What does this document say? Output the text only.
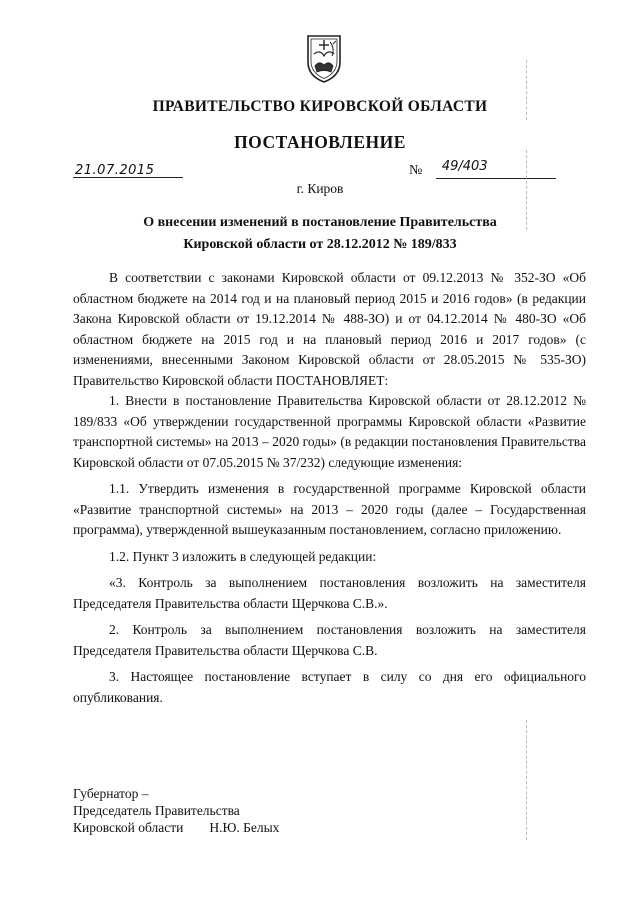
ПРАВИТЕЛЬСТВО КИРОВСКОЙ ОБЛАСТИ
ПОСТАНОВЛЕНИЕ
21.07.2015	№ 49/403
г. Киров
О внесении изменений в постановление Правительства
Кировской области от 28.12.2012 № 189/833

В соответствии с законами Кировской области от 09.12.2013 № 352-ЗО «Об областном бюджете на 2014 год и на плановый период 2015 и 2016 годов» (в редакции Закона Кировской области от 19.12.2014 № 488-ЗО) и от 04.12.2014 № 480-ЗО «Об областном бюджете на 2015 год и на плановый период 2016 и 2017 годов» (с изменениями, внесенными Законом Кировской области от 28.05.2015 № 535-ЗО) Правительство Кировской области ПОСТАНОВЛЯЕТ:

1. Внести в постановление Правительства Кировской области от 28.12.2012 № 189/833 «Об утверждении государственной программы Кировской области «Развитие транспортной системы» на 2013 – 2020 годы» (в редакции постановления Правительства Кировской области от 07.05.2015 № 37/232) следующие изменения:

1.1. Утвердить изменения в государственной программе Кировской области «Развитие транспортной системы» на 2013 – 2020 годы (далее – Государственная программа), утвержденной вышеуказанным постановлением, согласно приложению.

1.2. Пункт 3 изложить в следующей редакции:

«3. Контроль за выполнением постановления возложить на заместителя Председателя Правительства области Щерчкова С.В.».

2. Контроль за выполнением постановления возложить на заместителя Председателя Правительства области Щерчкова С.В.

3. Настоящее постановление вступает в силу со дня его официального опубликования.

Губернатор –
Председатель Правительства
Кировской области Н.Ю. Белых
